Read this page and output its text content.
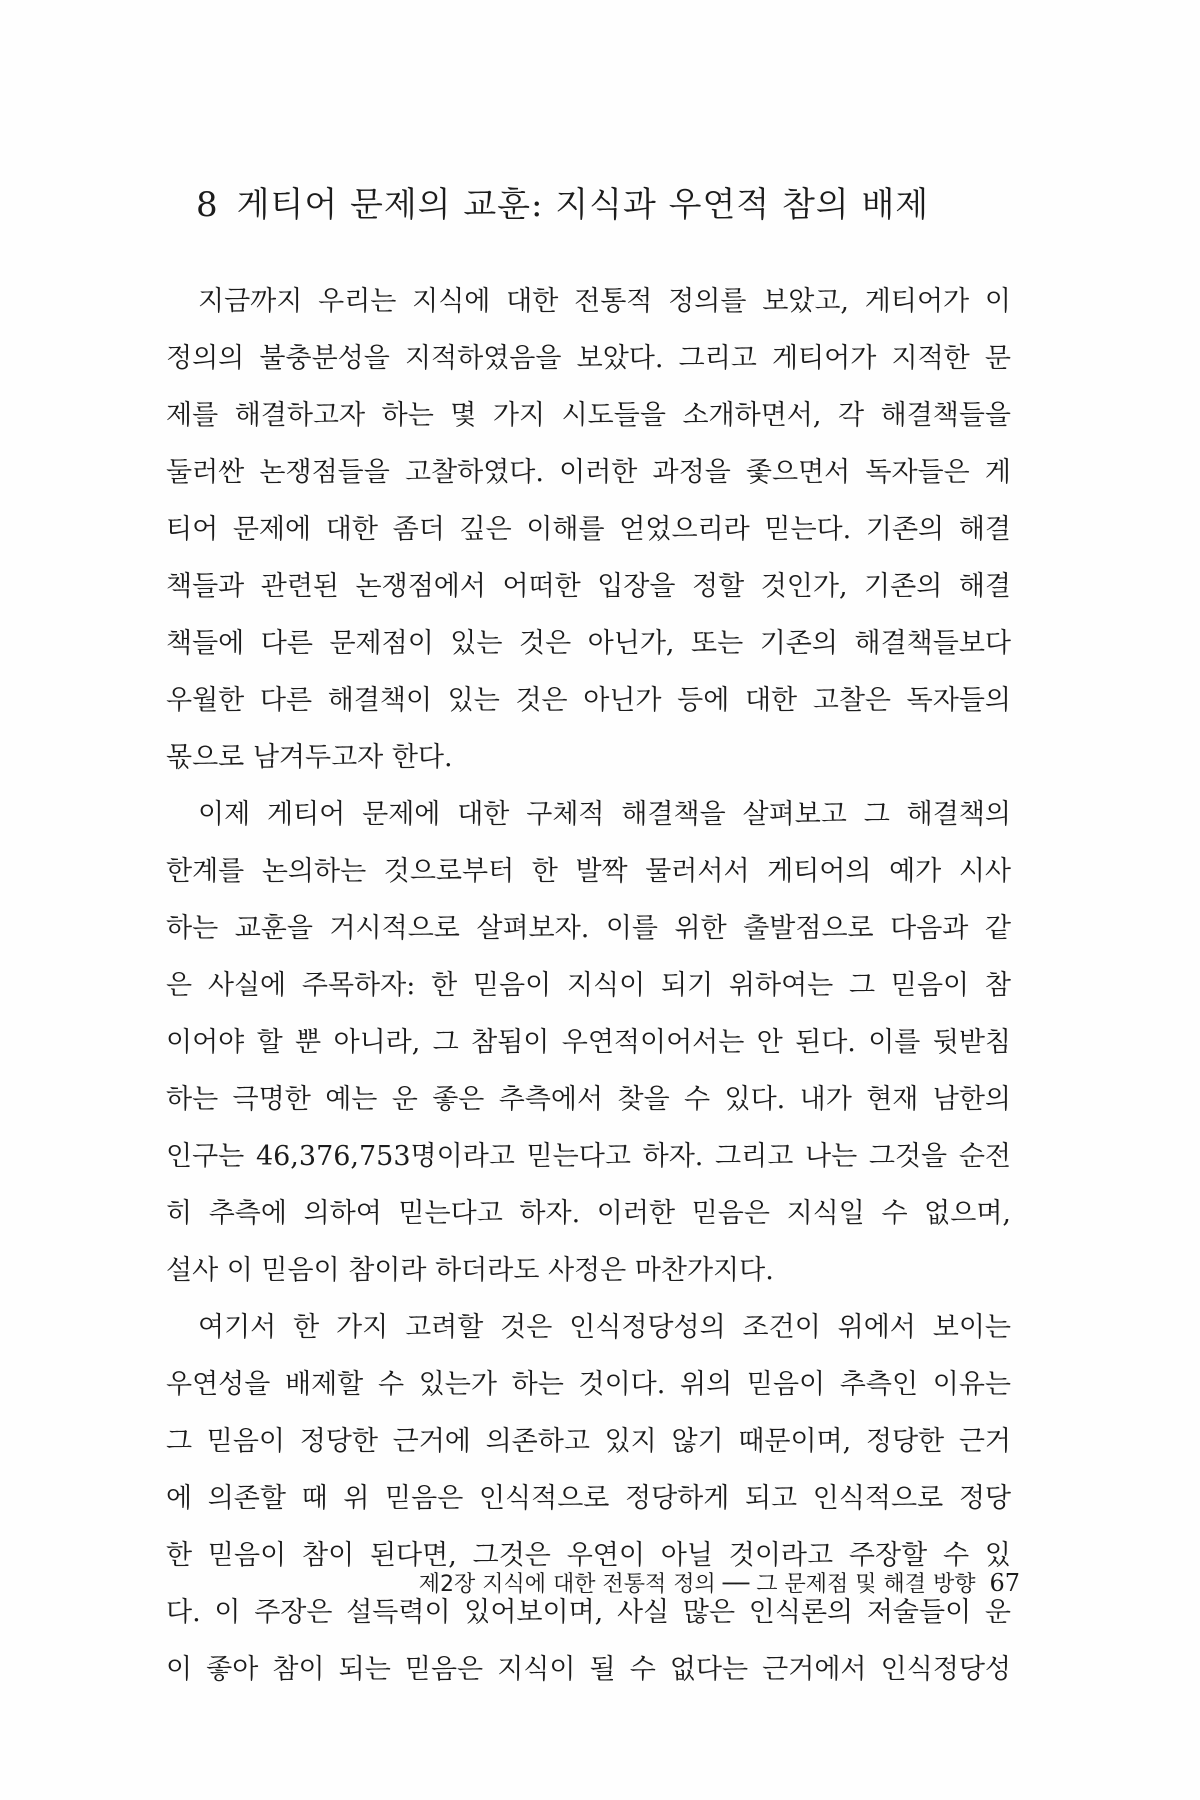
8 게티어 문제의 교훈: 지식과 우연적 참의 배제
지금까지 우리는 지식에 대한 전통적 정의를 보았고, 게티어가 이
정의의 불충분성을 지적하였음을 보았다. 그리고 게티어가 지적한 문
제를 해결하고자 하는 몇 가지 시도들을 소개하면서, 각 해결책들을
둘러싼 논쟁점들을 고찰하였다. 이러한 과정을 좇으면서 독자들은 게
티어 문제에 대한 좀더 깊은 이해를 얻었으리라 믿는다. 기존의 해결
책들과 관련된 논쟁점에서 어떠한 입장을 정할 것인가, 기존의 해결
책들에 다른 문제점이 있는 것은 아닌가, 또는 기존의 해결책들보다
우월한 다른 해결책이 있는 것은 아닌가 등에 대한 고찰은 독자들의
몫으로 남겨두고자 한다.
이제 게티어 문제에 대한 구체적 해결책을 살펴보고 그 해결책의
한계를 논의하는 것으로부터 한 발짝 물러서서 게티어의 예가 시사
하는 교훈을 거시적으로 살펴보자. 이를 위한 출발점으로 다음과 같
은 사실에 주목하자: 한 믿음이 지식이 되기 위하여는 그 믿음이 참
이어야 할 뿐 아니라, 그 참됨이 우연적이어서는 안 된다. 이를 뒷받침
하는 극명한 예는 운 좋은 추측에서 찾을 수 있다. 내가 현재 남한의
인구는 46,376,753명이라고 믿는다고 하자. 그리고 나는 그것을 순전
히 추측에 의하여 믿는다고 하자. 이러한 믿음은 지식일 수 없으며,
설사 이 믿음이 참이라 하더라도 사정은 마찬가지다.
여기서 한 가지 고려할 것은 인식정당성의 조건이 위에서 보이는
우연성을 배제할 수 있는가 하는 것이다. 위의 믿음이 추측인 이유는
그 믿음이 정당한 근거에 의존하고 있지 않기 때문이며, 정당한 근거
에 의존할 때 위 믿음은 인식적으로 정당하게 되고 인식적으로 정당
한 믿음이 참이 된다면, 그것은 우연이 아닐 것이라고 주장할 수 있
다. 이 주장은 설득력이 있어보이며, 사실 많은 인식론의 저술들이 운
이 좋아 참이 되는 믿음은 지식이 될 수 없다는 근거에서 인식정당성
제2장 지식에 대한 전통적 정의 ── 그 문제점 및 해결 방향 67
